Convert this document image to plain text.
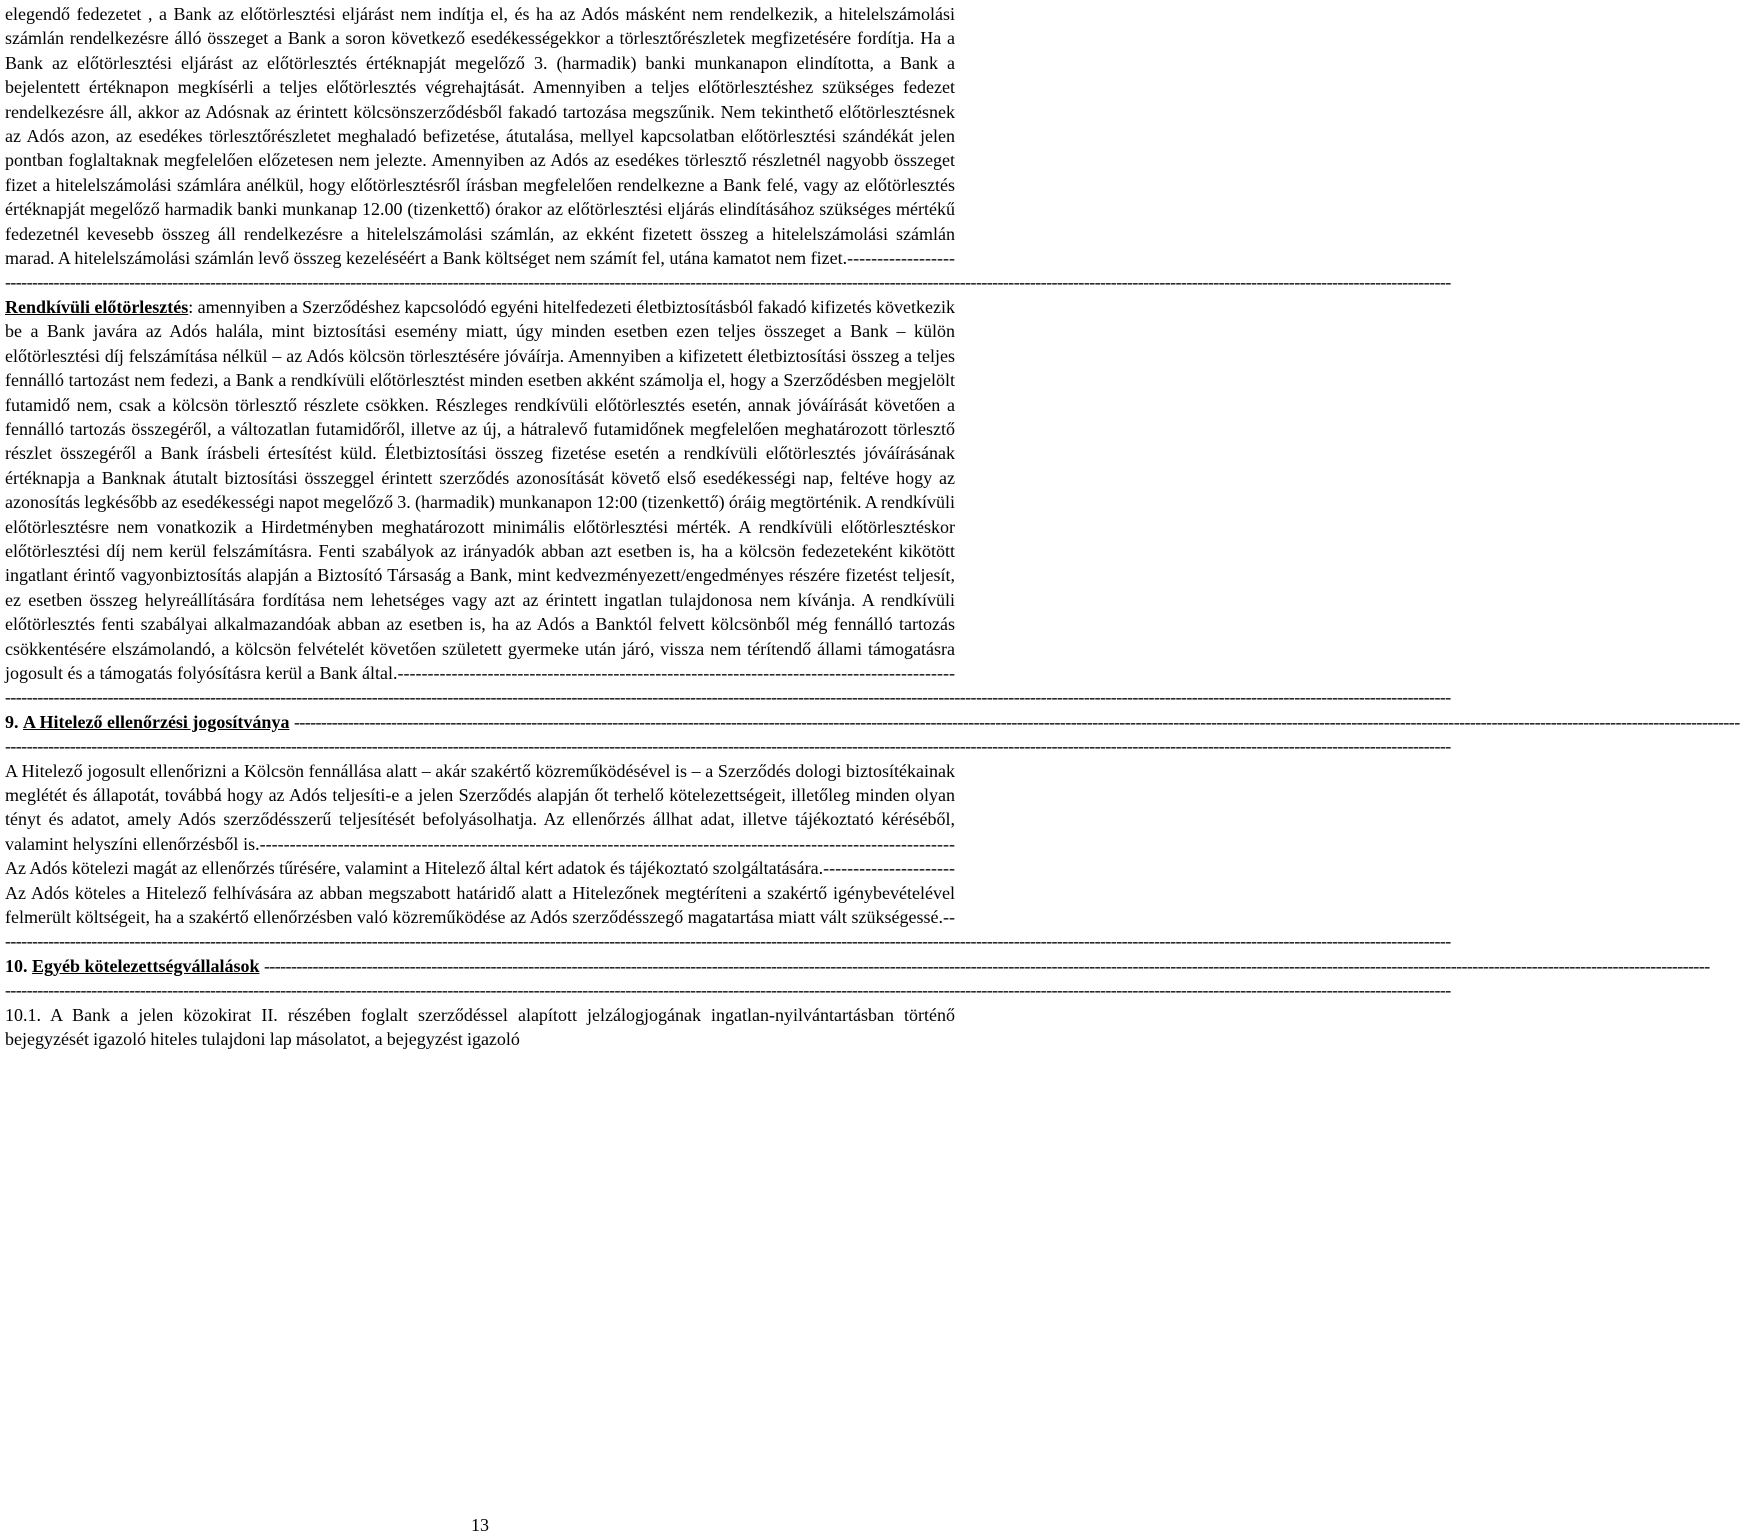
elegendő fedezetet , a Bank az előtörlesztési eljárást nem indítja el, és ha az Adós másként nem rendelkezik, a hitelelszámolási számlán rendelkezésre álló összeget a Bank a soron következő esedékességekkor a törlesztőrészletek megfizetésére fordítja. Ha a Bank az előtörlesztési eljárást az előtörlesztés értéknapját megelőző 3. (harmadik) banki munkanapon elindította, a Bank a bejelentett értéknapon megkísérli a teljes előtörlesztés végrehajtását. Amennyiben a teljes előtörlesztéshez szükséges fedezet rendelkezésre áll, akkor az Adósnak az érintett kölcsönszerződésből fakadó tartozása megszűnik. Nem tekinthető előtörlesztésnek az Adós azon, az esedékes törlesztőrészletet meghaladó befizetése, átutalása, mellyel kapcsolatban előtörlesztési szándékát jelen pontban foglaltaknak megfelelően előzetesen nem jelezte. Amennyiben az Adós az esedékes törlesztő részletnél nagyobb összeget fizet a hitelelszámolási számlára anélkül, hogy előtörlesztésről írásban megfelelően rendelkezne a Bank felé, vagy az előtörlesztés értéknapját megelőző harmadik banki munkanap 12.00 (tizenkettő) órakor az előtörlesztési eljárás elindításához szükséges mértékű fedezetnél kevesebb összeg áll rendelkezésre a hitelelszámolási számlán, az ekként fizetett összeg a hitelelszámolási számlán marad. A hitelelszámolási számlán levő összeg kezeléséért a Bank költséget nem számít fel, utána kamatot nem fizet.------------------

----------------------------------------------------------------------------------------------------------------------------------------------------------------------------------------------------------------------------------------------------------------------------

Rendkívüli előtörlesztés: amennyiben a Szerződéshez kapcsolódó egyéni hitelfedezeti életbiztosításból fakadó kifizetés következik be a Bank javára az Adós halála, mint biztosítási esemény miatt, úgy minden esetben ezen teljes összeget a Bank – külön előtörlesztési díj felszámítása nélkül – az Adós kölcsön törlesztésére jóváírja. Amennyiben a kifizetett életbiztosítási összeg a teljes fennálló tartozást nem fedezi, a Bank a rendkívüli előtörlesztést minden esetben akként számolja el, hogy a Szerződésben megjelölt futamidő nem, csak a kölcsön törlesztő részlete csökken. Részleges rendkívüli előtörlesztés esetén, annak jóváírását követően a fennálló tartozás összegéről, a változatlan futamidőről, illetve az új, a hátralevő futamidőnek megfelelően meghatározott törlesztő részlet összegéről a Bank írásbeli értesítést küld. Életbiztosítási összeg fizetése esetén a rendkívüli előtörlesztés jóváírásának értéknapja a Banknak átutalt biztosítási összeggel érintett szerződés azonosítását követő első esedékességi nap, feltéve hogy az azonosítás legkésőbb az esedékességi napot megelőző 3. (harmadik) munkanapon 12:00 (tizenkettő) óráig megtörténik. A rendkívüli előtörlesztésre nem vonatkozik a Hirdetményben meghatározott minimális előtörlesztési mérték. A rendkívüli előtörlesztéskor előtörlesztési díj nem kerül felszámításra. Fenti szabályok az irányadók abban azt esetben is, ha a kölcsön fedezeteként kikötött ingatlant érintő vagyonbiztosítás alapján a Biztosító Társaság a Bank, mint kedvezményezett/engedményes részére fizetést teljesít, ez esetben összeg helyreállítására fordítása nem lehetséges vagy azt az érintett ingatlan tulajdonosa nem kívánja. A rendkívüli előtörlesztés fenti szabályai alkalmazandóak abban az esetben is, ha az Adós a Banktól felvett kölcsönből még fennálló tartozás csökkentésére elszámolandó, a kölcsön felvételét követően született gyermeke után járó, vissza nem térítendő állami támogatásra jogosult és a támogatás folyósításra kerül a Bank által.---------------------------------------------------------------------------------------------

----------------------------------------------------------------------------------------------------------------------------------------------------------------------------------------------------------------------------------------------------------------------------
9. A Hitelező ellenőrzési jogosítványa ----------------------------------------------------------------------------------------------------------------------------------------------------------------------------------------------------------------------------------------------------------------------------
----------------------------------------------------------------------------------------------------------------------------------------------------------------------------------------------------------------------------------------------------------------------------

A Hitelező jogosult ellenőrizni a Kölcsön fennállása alatt – akár szakértő közreműködésével is – a Szerződés dologi biztosítékainak meglétét és állapotát, továbbá hogy az Adós teljesíti-e a jelen Szerződés alapján őt terhelő kötelezettségeit, illetőleg minden olyan tényt és adatot, amely Adós szerződésszerű teljesítését befolyásolhatja. Az ellenőrzés állhat adat, illetve tájékoztató kéréséből, valamint helyszíni ellenőrzésből is.--------------------------------------------------------------------------------------------------------------------

Az Adós kötelezi magát az ellenőrzés tűrésére, valamint a Hitelező által kért adatok és tájékoztató szolgáltatására.----------------------

Az Adós köteles a Hitelező felhívására az abban megszabott határidő alatt a Hitelezőnek megtéríteni a szakértő igénybevételével felmerült költségeit, ha a szakértő ellenőrzésben való közreműködése az Adós szerződésszegő magatartása miatt vált szükségessé.--

----------------------------------------------------------------------------------------------------------------------------------------------------------------------------------------------------------------------------------------------------------------------------
10. Egyéb kötelezettségvállalások ----------------------------------------------------------------------------------------------------------------------------------------------------------------------------------------------------------------------------------------------------------------------------
----------------------------------------------------------------------------------------------------------------------------------------------------------------------------------------------------------------------------------------------------------------------------

10.1. A Bank a jelen közokirat II. részében foglalt szerződéssel alapított jelzálogjogának ingatlan-nyilvántartásban történő bejegyzését igazoló hiteles tulajdoni lap másolatot, a bejegyzést igazoló

13
